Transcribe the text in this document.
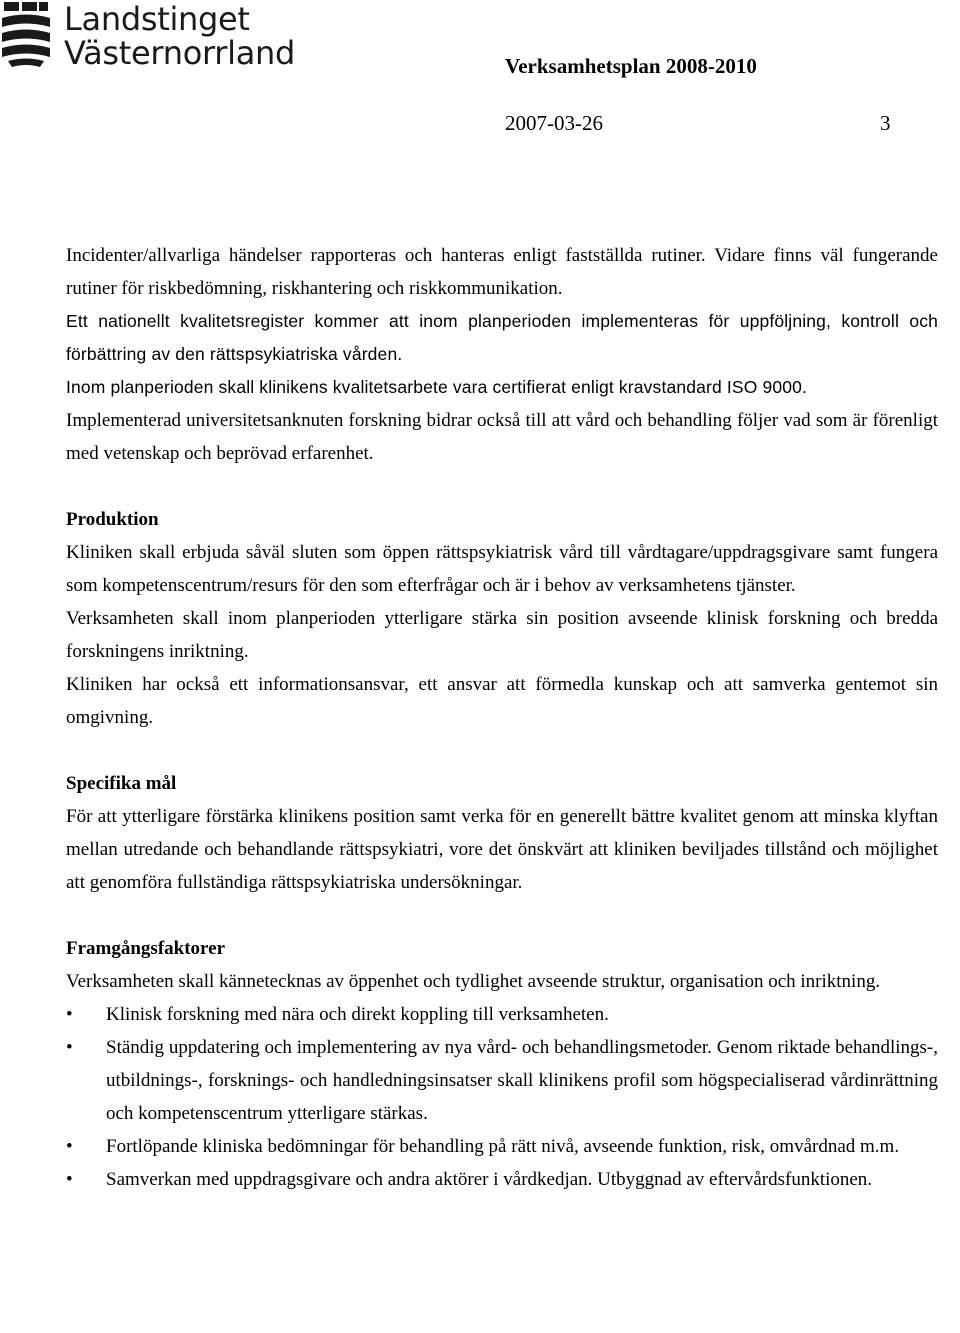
Landstinget
Västernorrland	Verksamhetsplan 2008-2010
2007-03-26	3

Incidenter/allvarliga händelser rapporteras och hanteras enligt fastställda rutiner. Vidare finns väl fungerande rutiner för riskbedömning, riskhantering och riskkommunikation.

Ett nationellt kvalitetsregister kommer att inom planperioden implementeras för uppföljning, kontroll och förbättring av den rättspsykiatriska vården.

Inom planperioden skall klinikens kvalitetsarbete vara certifierat enligt kravstandard ISO 9000.

Implementerad universitetsanknuten forskning bidrar också till att vård och behandling följer vad som är förenligt med vetenskap och beprövad erfarenhet.

Produktion

Kliniken skall erbjuda såväl sluten som öppen rättspsykiatrisk vård till vårdtagare/uppdragsgivare samt fungera som kompetenscentrum/resurs för den som efterfrågar och är i behov av verksamhetens tjänster.

Verksamheten skall inom planperioden ytterligare stärka sin position avseende klinisk forskning och bredda forskningens inriktning.

Kliniken har också ett informationsansvar, ett ansvar att förmedla kunskap och att samverka gentemot sin omgivning.

Specifika mål

För att ytterligare förstärka klinikens position samt verka för en generellt bättre kvalitet genom att minska klyftan mellan utredande och behandlande rättspsykiatri, vore det önskvärt att kliniken beviljades tillstånd och möjlighet att genomföra fullständiga rättspsykiatriska undersökningar.

Framgångsfaktorer

Verksamheten skall kännetecknas av öppenhet och tydlighet avseende struktur, organisation och inriktning.

•	Klinisk forskning med nära och direkt koppling till verksamheten.
•	Ständig uppdatering och implementering av nya vård- och behandlingsmetoder. Genom riktade behandlings-, utbildnings-, forsknings- och handledningsinsatser skall klinikens profil som högspecialiserad vårdinrättning och kompetenscentrum ytterligare stärkas.
•	Fortlöpande kliniska bedömningar för behandling på rätt nivå, avseende funktion, risk, omvårdnad m.m.
•	Samverkan med uppdragsgivare och andra aktörer i vårdkedjan. Utbyggnad av eftervårdsfunktionen.
